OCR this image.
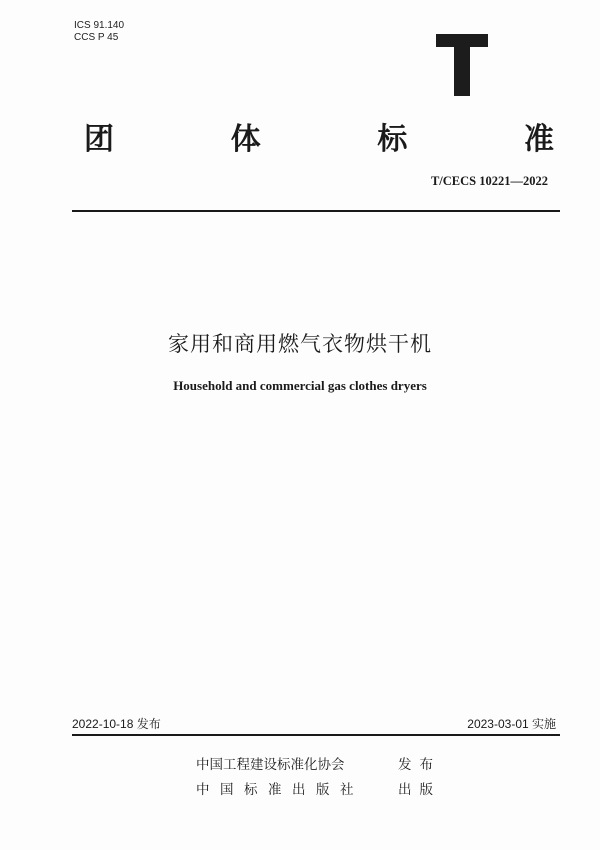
ICS 91.140
CCS P 45
团	体	标	准
T/CECS 10221—2022
家用和商用燃气衣物烘干机
Household and commercial gas clothes dryers
2022-10-18 发布	2023-03-01 实施
中国工程建设标准化协会	发布
中国标准出版社	出版
